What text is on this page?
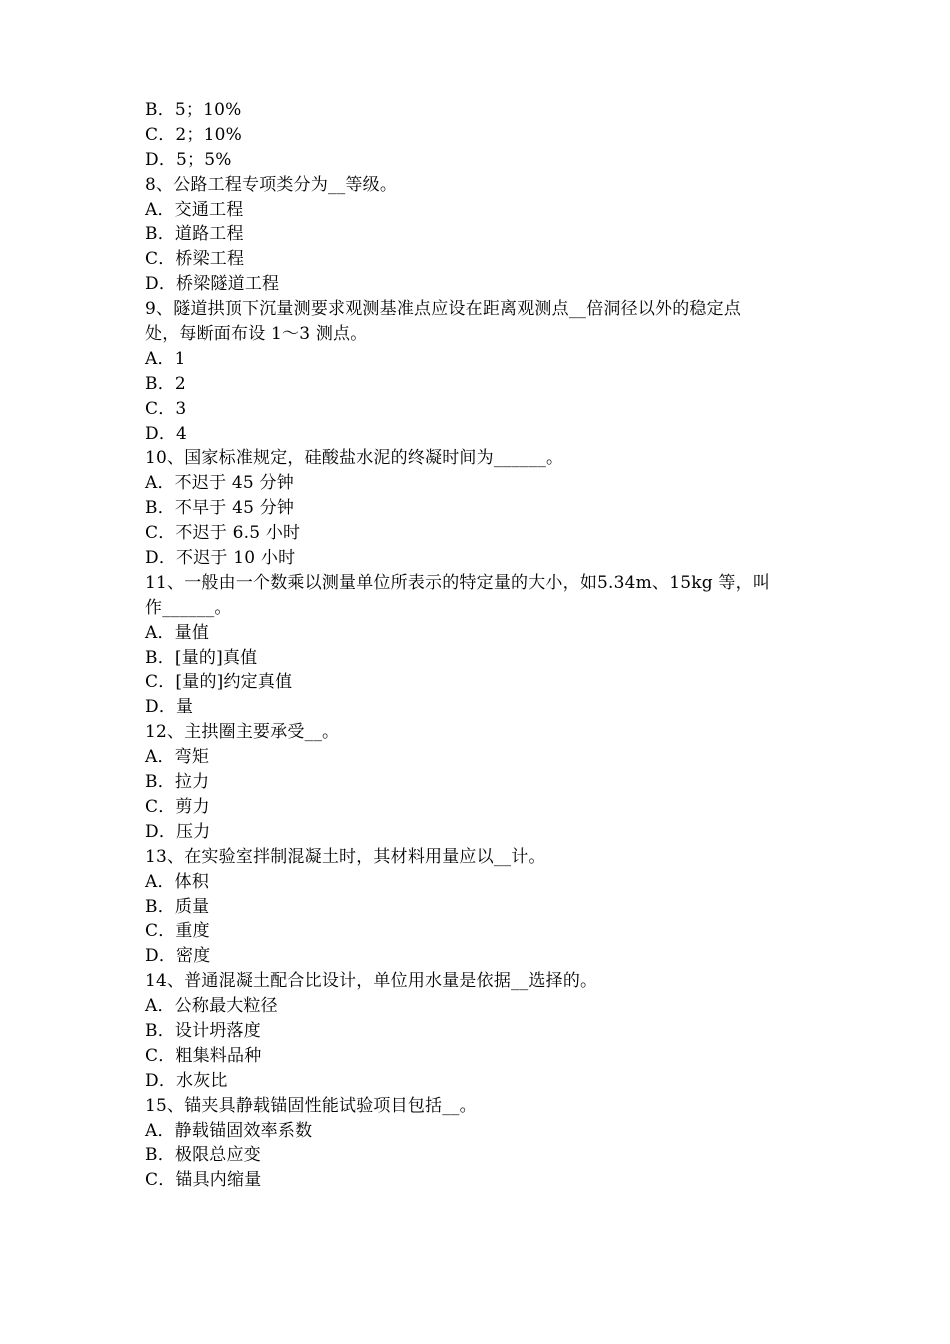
B．5；10%
C．2；10%
D．5；5%
8、公路工程专项类分为__等级。
A．交通工程
B．道路工程
C．桥梁工程
D．桥梁隧道工程
9、隧道拱顶下沉量测要求观测基准点应设在距离观测点__倍洞径以外的稳定点
处，每断面布设 1～3 测点。
A．1
B．2
C．3
D．4
10、国家标准规定，硅酸盐水泥的终凝时间为______。
A．不迟于 45 分钟
B．不早于 45 分钟
C．不迟于 6.5 小时
D．不迟于 10 小时
11、一般由一个数乘以测量单位所表示的特定量的大小，如5.34m、15kg 等，叫
作______。
A．量值
B．[量的]真值
C．[量的]约定真值
D．量
12、主拱圈主要承受__。
A．弯矩
B．拉力
C．剪力
D．压力
13、在实验室拌制混凝土时，其材料用量应以__计。
A．体积
B．质量
C．重度
D．密度
14、普通混凝土配合比设计，单位用水量是依据__选择的。
A．公称最大粒径
B．设计坍落度
C．粗集料品种
D．水灰比
15、锚夹具静载锚固性能试验项目包括__。
A．静载锚固效率系数
B．极限总应变
C．锚具内缩量
